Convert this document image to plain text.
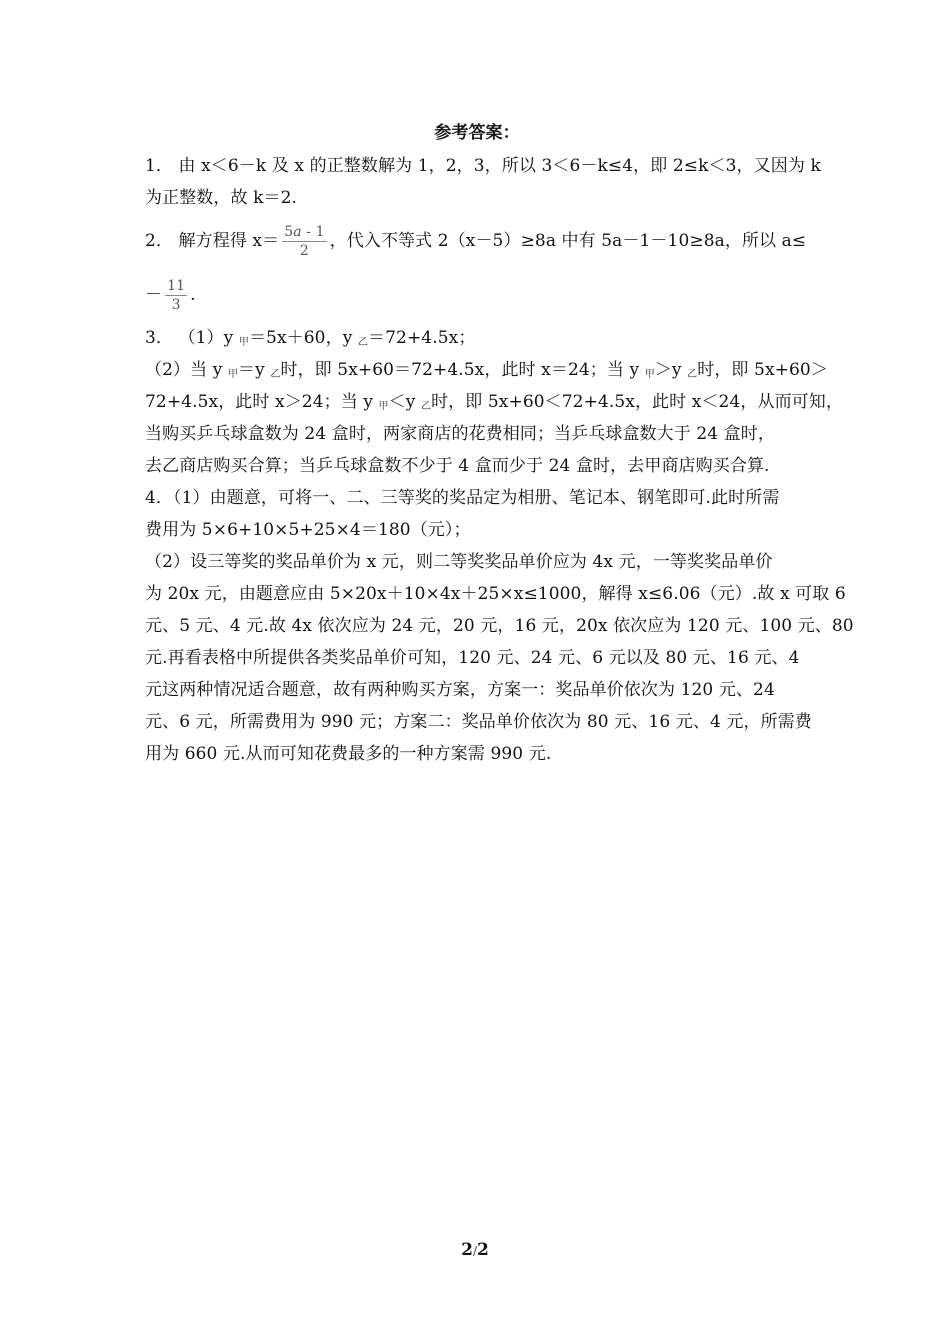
参考答案：
1． 由 x＜6－k 及 x 的正整数解为 1，2，3，所以 3＜6－k≤4，即 2≤k＜3，又因为 k
为正整数，故 k＝2.
2． 解方程得 $x= \frac{5a - 1}{2}$ ，代入不等式 2（x－5）≥8a 中有 5a－1－10≥8a，所以 a≤
－ $\frac{11}{3}$ .
3． （1）y $_甲$＝5x＋60，y $_乙$＝72+4.5x；
（2）当 y $_甲$＝y $_乙$时，即 5x+60＝72+4.5x，此时 x＝24；当 y $_甲$＞y $_乙$时，即 5x+60＞
72+4.5x，此时 x＞24；当 y $_甲$＜y $_乙$时，即 5x+60＜72+4.5x，此时 x＜24，从而可知，
当购买乒乓球盒数为 24 盒时，两家商店的花费相同；当乒乓球盒数大于 24 盒时，
去乙商店购买合算；当乒乓球盒数不少于 4 盒而少于 24 盒时，去甲商店购买合算.
4．（1）由题意，可将一、二、三等奖的奖品定为相册、笔记本、钢笔即可.此时所需
费用为 5×6+10×5+25×4＝180（元）；
（2）设三等奖的奖品单价为 x 元，则二等奖奖品单价应为 4x 元，一等奖奖品单价
为 20x 元，由题意应由 5×20x＋10×4x＋25×x≤1000，解得 x≤6.06（元）.故 x 可取 6
元、5 元、4 元.故 4x 依次应为 24 元，20 元，16 元，20x 依次应为 120 元、100 元、80
元.再看表格中所提供各类奖品单价可知，120 元、24 元、6 元以及 80 元、16 元、4
元这两种情况适合题意，故有两种购买方案，方案一：奖品单价依次为 120 元、24
元、6 元，所需费用为 990 元；方案二：奖品单价依次为 80 元、16 元、4 元，所需费
用为 660 元.从而可知花费最多的一种方案需 990 元.
2/2
